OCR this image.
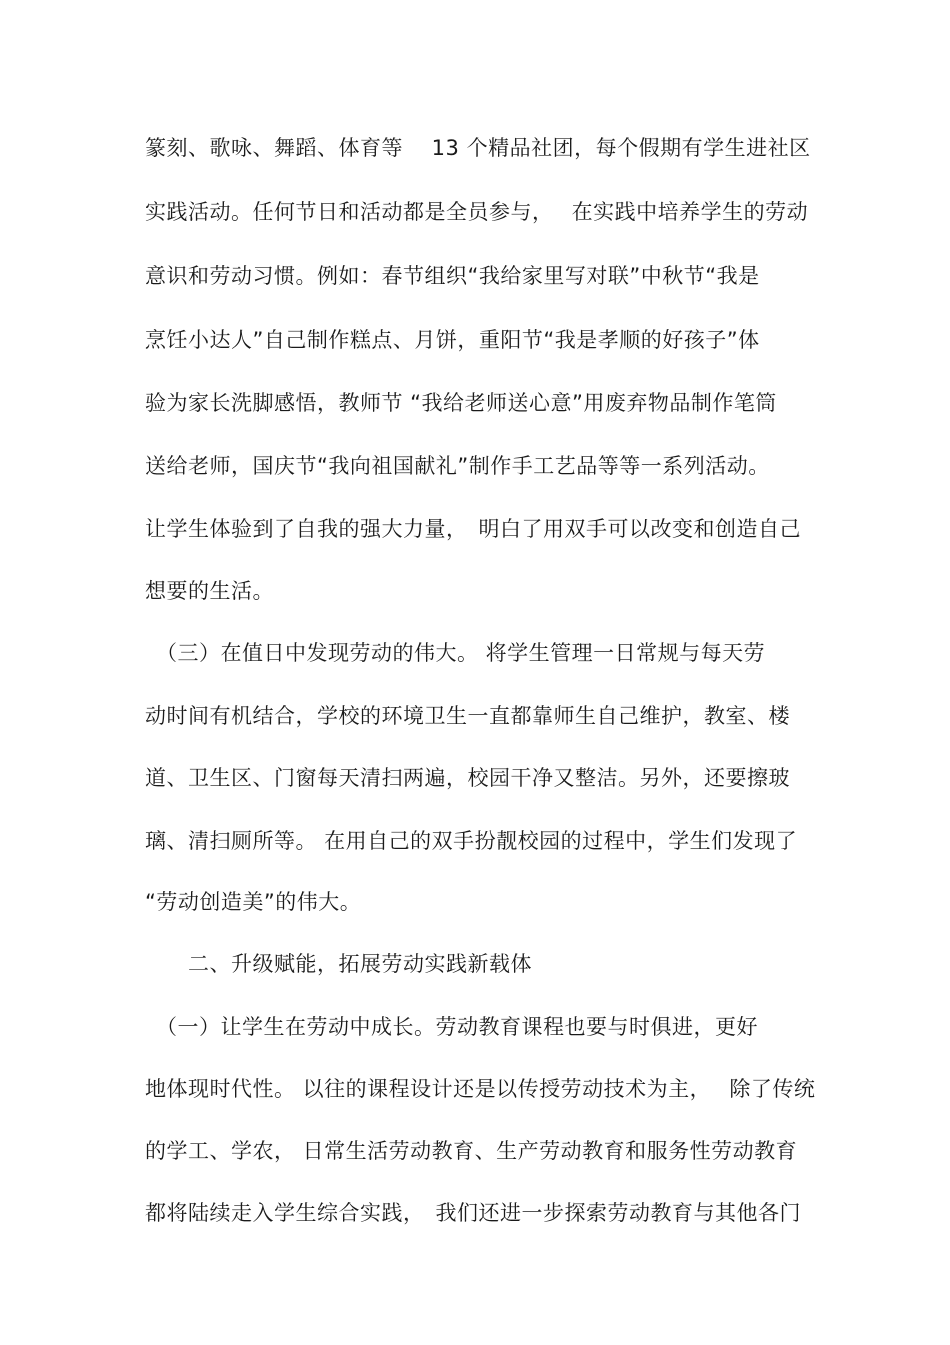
篆刻、歌咏、舞蹈、体育等　 13 个精品社团，每个假期有学生进社区
实践活动。任何节日和活动都是全员参与，　 在实践中培养学生的劳动
意识和劳动习惯。例如：春节组织“我给家里写对联”中秋节“我是
烹饪小达人”自己制作糕点、月饼，重阳节“我是孝顺的好孩子”体
验为家长洗脚感悟，教师节 “我给老师送心意”用废弃物品制作笔筒
送给老师，国庆节“我向祖国献礼”制作手工艺品等等一系列活动。
让学生体验到了自我的强大力量，　明白了用双手可以改变和创造自己
想要的生活。
　（三）在值日中发现劳动的伟大。 将学生管理一日常规与每天劳
动时间有机结合，学校的环境卫生一直都靠师生自己维护，教室、楼
道、卫生区、门窗每天清扫两遍，校园干净又整洁。另外，还要擦玻
璃、清扫厕所等。 在用自己的双手扮靓校园的过程中，学生们发现了
“劳动创造美”的伟大。
　　二、升级赋能，拓展劳动实践新载体
　（一）让学生在劳动中成长。劳动教育课程也要与时俱进，更好
地体现时代性。 以往的课程设计还是以传授劳动技术为主，　 除了传统
的学工、学农， 日常生活劳动教育、生产劳动教育和服务性劳动教育
都将陆续走入学生综合实践，　我们还进一步探索劳动教育与其他各门
